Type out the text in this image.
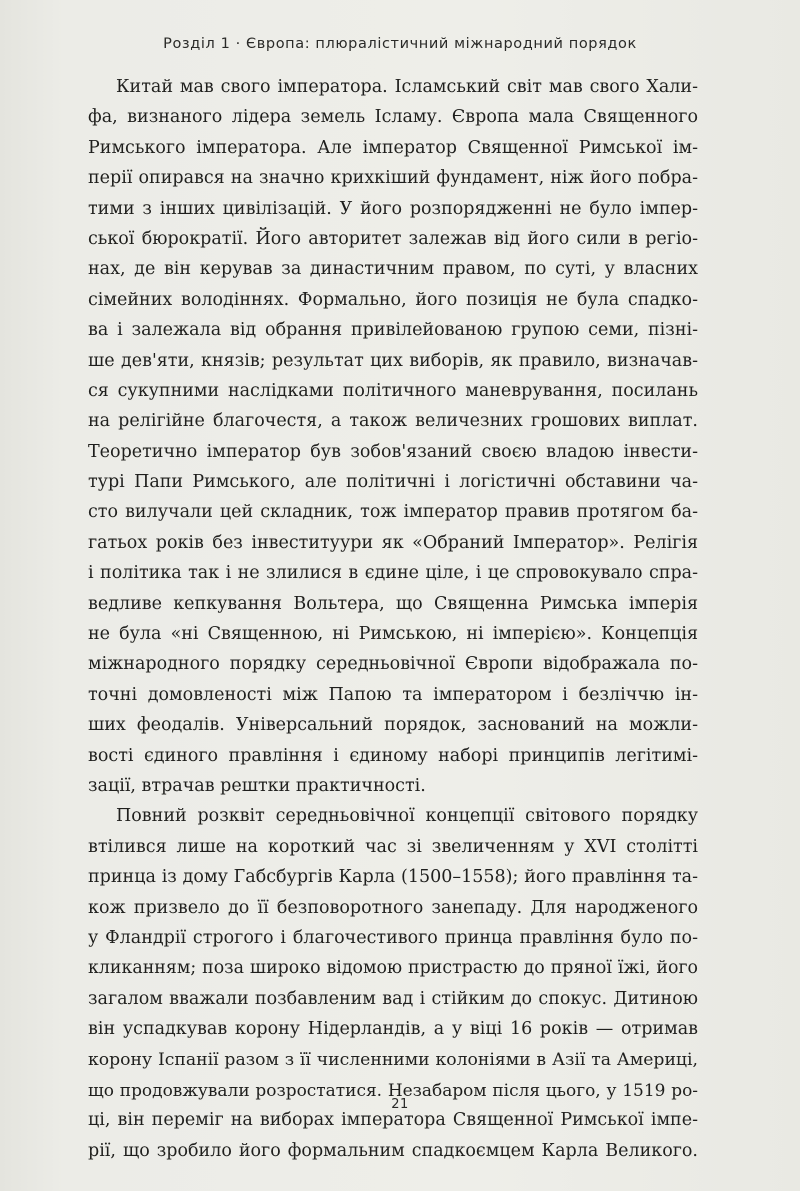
Розділ 1 · Європа: плюралістичний міжнародний порядок
Китай мав свого імператора. Ісламський світ мав свого Хали-
фа, визнаного лідера земель Ісламу. Європа мала Священного
Римського імператора. Але імператор Священної Римської ім-
перії опирався на значно крихкіший фундамент, ніж його побра-
тими з інших цивілізацій. У його розпорядженні не було імпер-
ської бюрократії. Його авторитет залежав від його сили в регіо-
нах, де він керував за династичним правом, по суті, у власних
сімейних володіннях. Формально, його позиція не була спадко-
ва і залежала від обрання привілейованою групою семи, пізні-
ше дев'яти, князів; результат цих виборів, як правило, визначав-
ся сукупними наслідками політичного маневрування, посилань
на релігійне благочестя, а також величезних грошових виплат.
Теоретично імператор був зобов'язаний своєю владою інвести-
турі Папи Римського, але політичні і логістичні обставини ча-
сто вилучали цей складник, тож імператор правив протягом ба-
гатьох років без інвеституури як «Обраний Імператор». Релігія
і політика так і не злилися в єдине ціле, і це спровокувало спра-
ведливе кепкування Вольтера, що Священна Римська імперія
не була «ні Священною, ні Римською, ні імперією». Концепція
міжнародного порядку середньовічної Європи відображала по-
точні домовленості між Папою та імператором і безліччю ін-
ших феодалів. Універсальний порядок, заснований на можли-
вості єдиного правління і єдиному наборі принципів легітимі-
зації, втрачав рештки практичності.
Повний розквіт середньовічної концепції світового порядку
втілився лише на короткий час зі звеличенням у XVI столітті
принца із дому Габсбургів Карла (1500–1558); його правління та-
кож призвело до її безповоротного занепаду. Для народженого
у Фландрії строгого і благочестивого принца правління було по-
кликанням; поза широко відомою пристрастю до пряної їжі, його
загалом вважали позбавленим вад і стійким до спокус. Дитиною
він успадкував корону Нідерландів, а у віці 16 років — отримав
корону Іспанії разом з її численними колоніями в Азії та Америці,
що продовжували розростатися. Незабаром після цього, у 1519 ро-
ці, він переміг на виборах імператора Священної Римської імпе-
рії, що зробило його формальним спадкоємцем Карла Великого.
21
